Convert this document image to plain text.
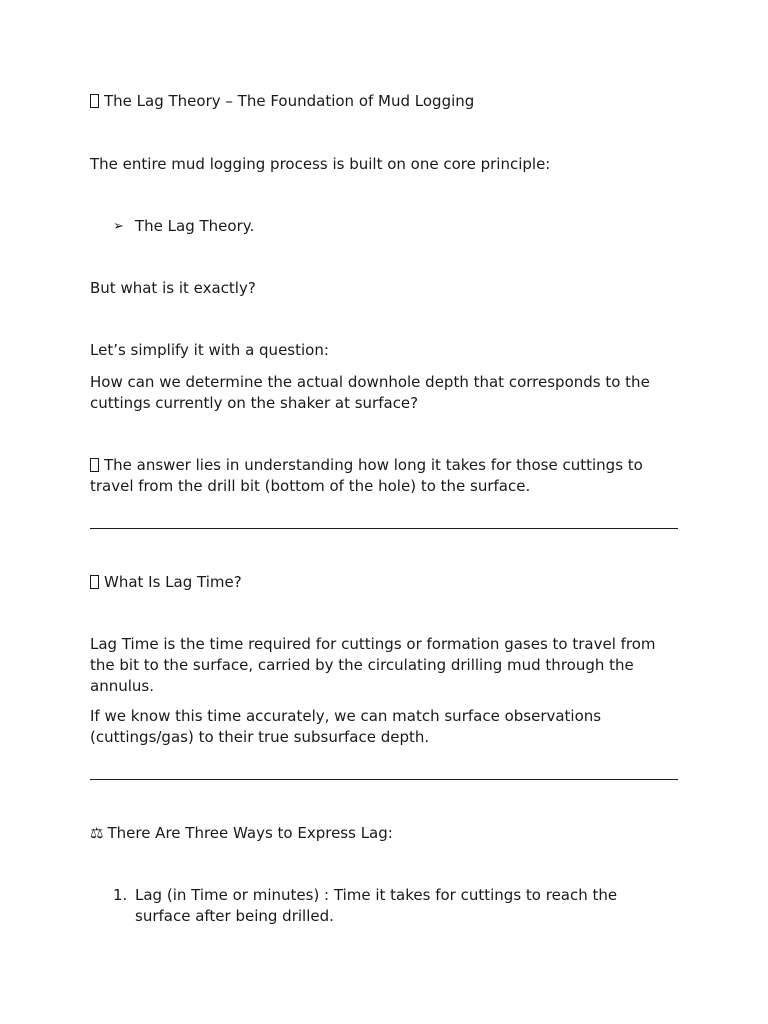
The Lag Theory – The Foundation of Mud Logging

The entire mud logging process is built on one core principle:

➢ The Lag Theory.

But what is it exactly?

Let’s simplify it with a question:

How can we determine the actual downhole depth that corresponds to the cuttings currently on the shaker at surface?

The answer lies in understanding how long it takes for those cuttings to travel from the drill bit (bottom of the hole) to the surface.

What Is Lag Time?

Lag Time is the time required for cuttings or formation gases to travel from the bit to the surface, carried by the circulating drilling mud through the annulus.

If we know this time accurately, we can match surface observations (cuttings/gas) to their true subsurface depth.

⚖ There Are Three Ways to Express Lag:

1. Lag (in Time or minutes) : Time it takes for cuttings to reach the surface after being drilled.
